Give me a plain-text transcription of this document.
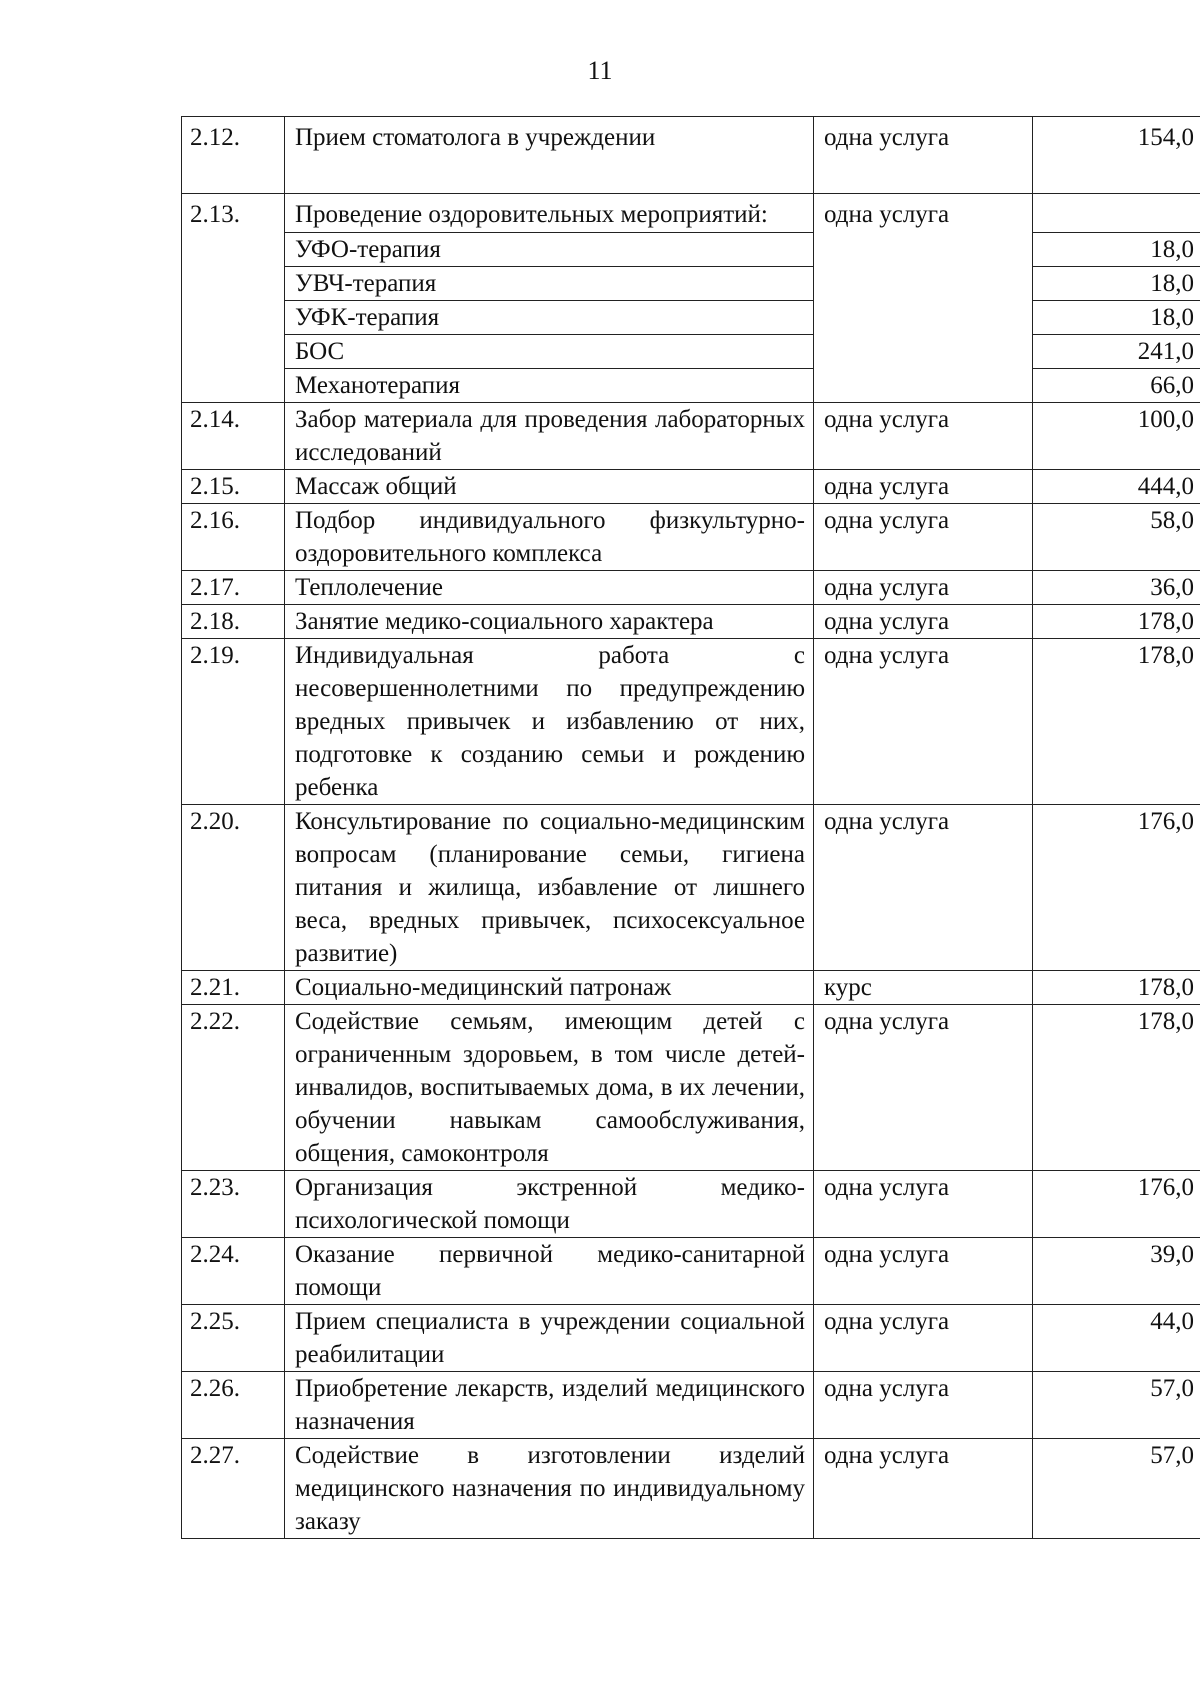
11
2.12.	Прием стоматолога в учреждении	одна услуга	154,0
2.13.	Проведение оздоровительных мероприятий:	одна услуга	
	УФО-терапия		18,0
	УВЧ-терапия		18,0
	УФК-терапия		18,0
	БОС		241,0
	Механотерапия		66,0
2.14.	Забор материала для проведения лабораторных исследований	одна услуга	100,0
2.15.	Массаж общий	одна услуга	444,0
2.16.	Подбор индивидуального физкультурно-оздоровительного комплекса	одна услуга	58,0
2.17.	Теплолечение	одна услуга	36,0
2.18.	Занятие медико-социального характера	одна услуга	178,0
2.19.	Индивидуальная работа с несовершеннолетними по предупреждению вредных привычек и избавлению от них, подготовке к созданию семьи и рождению ребенка	одна услуга	178,0
2.20.	Консультирование по социально-медицинским вопросам (планирование семьи, гигиена питания и жилища, избавление от лишнего веса, вредных привычек, психосексуальное развитие)	одна услуга	176,0
2.21.	Социально-медицинский патронаж	курс	178,0
2.22.	Содействие семьям, имеющим детей с ограниченным здоровьем, в том числе детей-инвалидов, воспитываемых дома, в их лечении, обучении навыкам самообслуживания, общения, самоконтроля	одна услуга	178,0
2.23.	Организация экстренной медико-психологической помощи	одна услуга	176,0
2.24.	Оказание первичной медико-санитарной помощи	одна услуга	39,0
2.25.	Прием специалиста в учреждении социальной реабилитации	одна услуга	44,0
2.26.	Приобретение лекарств, изделий медицинского назначения	одна услуга	57,0
2.27.	Содействие в изготовлении изделий медицинского назначения по индивидуальному заказу	одна услуга	57,0
